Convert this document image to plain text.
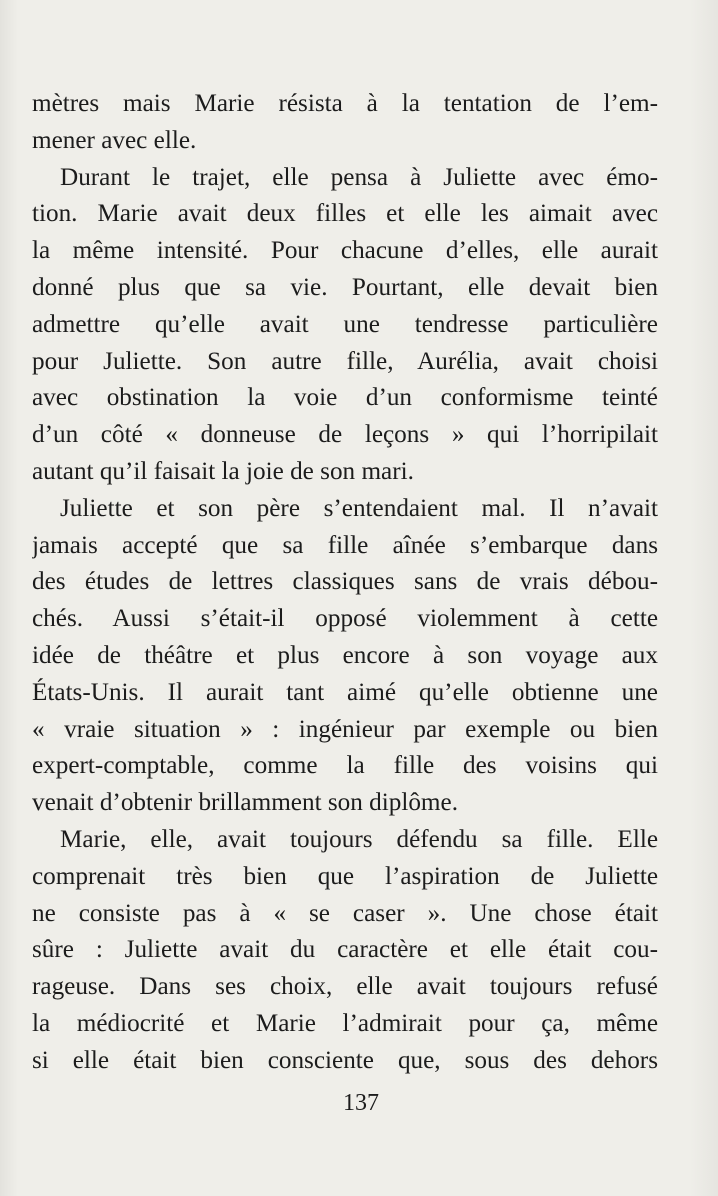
mètres mais Marie résista à la tentation de l’em-
mener avec elle.

Durant le trajet, elle pensa à Juliette avec émo-
tion. Marie avait deux filles et elle les aimait avec
la même intensité. Pour chacune d’elles, elle aurait
donné plus que sa vie. Pourtant, elle devait bien
admettre qu’elle avait une tendresse particulière
pour Juliette. Son autre fille, Aurélia, avait choisi
avec obstination la voie d’un conformisme teinté
d’un côté « donneuse de leçons » qui l’horripilait
autant qu’il faisait la joie de son mari.

Juliette et son père s’entendaient mal. Il n’avait
jamais accepté que sa fille aînée s’embarque dans
des études de lettres classiques sans de vrais débou-
chés. Aussi s’était-il opposé violemment à cette
idée de théâtre et plus encore à son voyage aux
États-Unis. Il aurait tant aimé qu’elle obtienne une
« vraie situation » : ingénieur par exemple ou bien
expert-comptable, comme la fille des voisins qui
venait d’obtenir brillamment son diplôme.

Marie, elle, avait toujours défendu sa fille. Elle
comprenait très bien que l’aspiration de Juliette
ne consiste pas à « se caser ». Une chose était
sûre : Juliette avait du caractère et elle était cou-
rageuse. Dans ses choix, elle avait toujours refusé
la médiocrité et Marie l’admirait pour ça, même
si elle était bien consciente que, sous des dehors

137
